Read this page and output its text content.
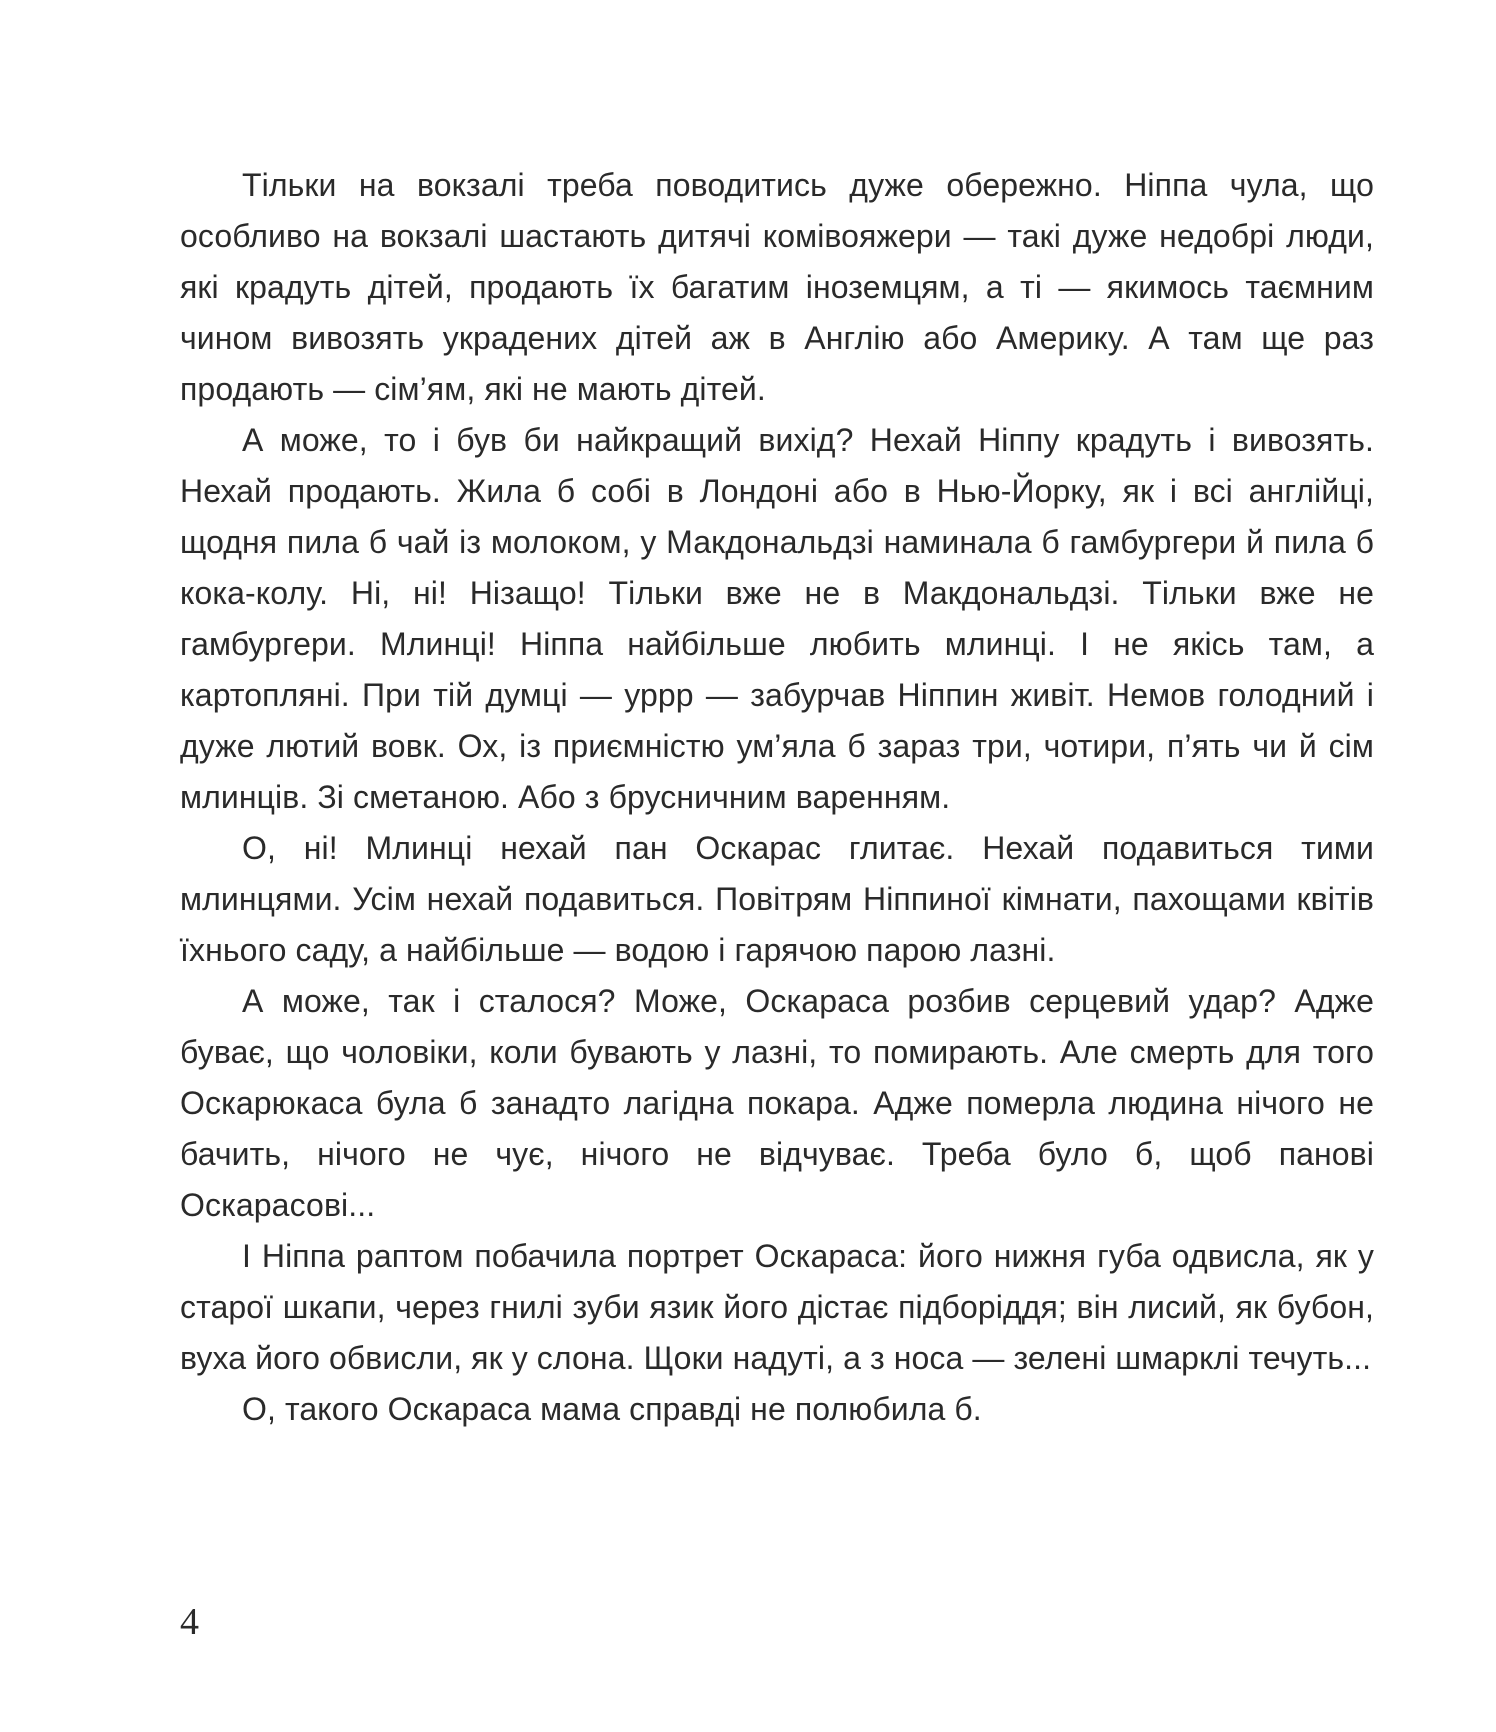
Тільки на вокзалі треба поводитись дуже обережно. Ніппа чула, що особливо на вокзалі шастають дитячі комівояжери — такі дуже недобрі люди, які крадуть дітей, продають їх багатим іноземцям, а ті — якимось таємним чином вивозять украдених дітей аж в Англію або Америку. А там ще раз продають — сім’ям, які не мають дітей.

А може, то і був би найкращий вихід? Нехай Ніппу крадуть і вивозять. Нехай продають. Жила б собі в Лондоні або в Нью-Йорку, як і всі англійці, щодня пила б чай із молоком, у Макдональдзі наминала б гамбургери й пила б кока-колу. Ні, ні! Нізащо! Тільки вже не в Макдональдзі. Тільки вже не гамбургери. Млинці! Ніппа найбільше любить млинці. І не якісь там, а картопляні. При тій думці — уррр — забурчав Ніппин живіт. Немов голодний і дуже лютий вовк. Ох, із приємністю ум’яла б зараз три, чотири, п’ять чи й сім млинців. Зі сметаною. Або з брусничним варенням.

О, ні! Млинці нехай пан Оскарас глитає. Нехай подавиться тими млинцями. Усім нехай подавиться. Повітрям Ніппиної кімнати, пахощами квітів їхнього саду, а найбільше — водою і гарячою парою лазні.

А може, так і сталося? Може, Оскараса розбив серцевий удар? Адже буває, що чоловіки, коли бувають у лазні, то помирають. Але смерть для того Оскарюкаса була б занадто лагідна покара. Адже померла людина нічого не бачить, нічого не чує, нічого не відчуває. Треба було б, щоб панові Оскарасові...

І Ніппа раптом побачила портрет Оскараса: його нижня губа одвисла, як у старої шкапи, через гнилі зуби язик його дістає підборіддя; він лисий, як бубон, вуха його обвисли, як у слона. Щоки надуті, а з носа — зелені шмарклі течуть...

О, такого Оскараса мама справді не полюбила б.

4
